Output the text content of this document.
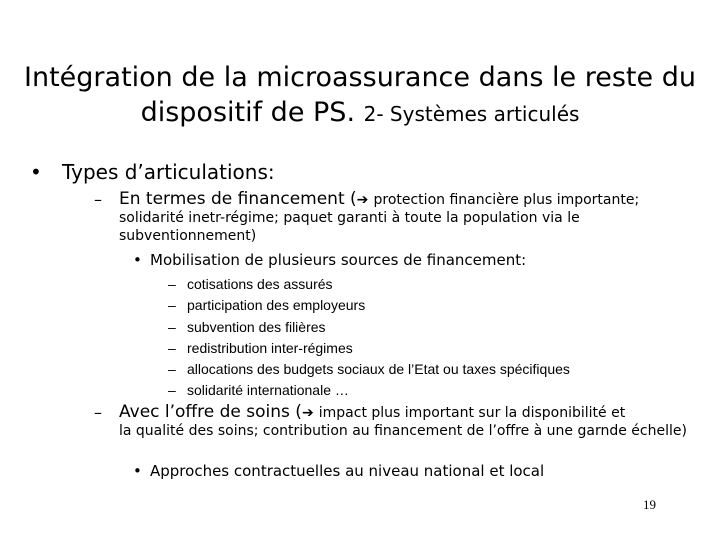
Intégration de la microassurance dans le reste du dispositif de PS. 2- Systèmes articulés
• Types d’articulations:
– En termes de financement (➔ protection financière plus importante;
solidarité inetr-régime; paquet garanti à toute la population via le subventionnement)
• Mobilisation de plusieurs sources de financement:
– cotisations des assurés
– participation des employeurs
– subvention des filières
– redistribution inter-régimes
– allocations des budgets sociaux de l’Etat ou taxes spécifiques
– solidarité internationale …
– Avec l’offre de soins (➔ impact plus important sur la disponibilité et
la qualité des soins; contribution au financement de l’offre à une garnde échelle)
• Approches contractuelles au niveau national et local
19
